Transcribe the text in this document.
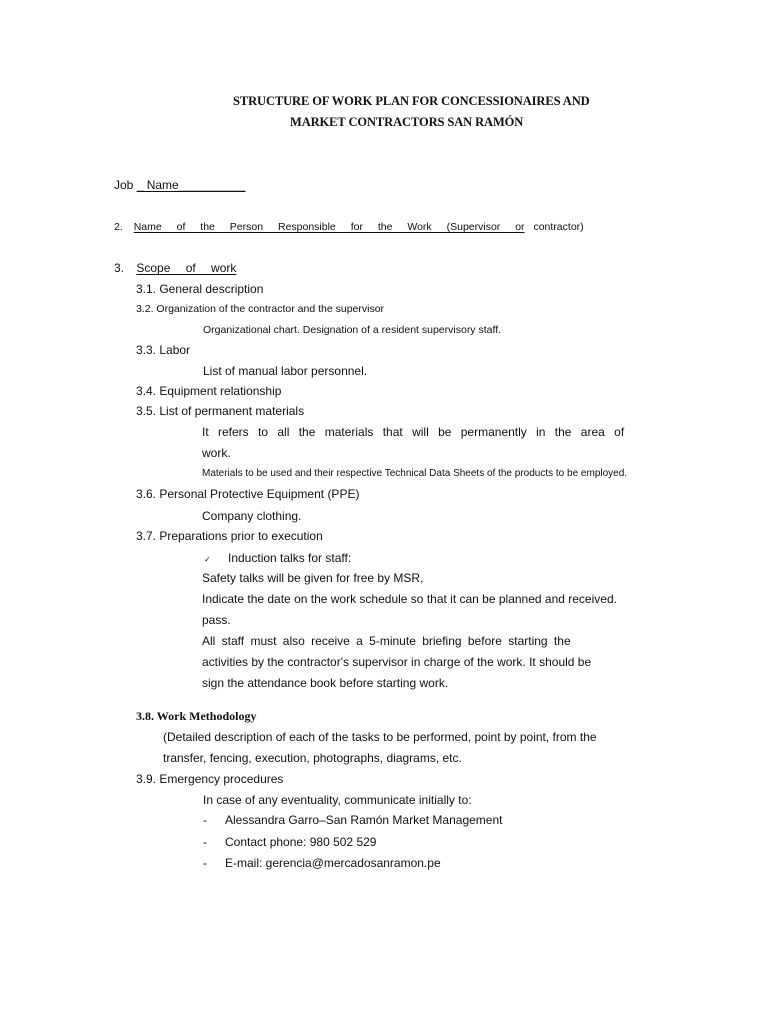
STRUCTURE OF WORK PLAN FOR CONCESSIONAIRES AND
MARKET CONTRACTORS SAN RAMÓN
Job _ Name__________
2. Name of the Person Responsible for the Work (Supervisor or contractor)
3. Scope of work
3.1. General description
3.2. Organization of the contractor and the supervisor
Organizational chart. Designation of a resident supervisory staff.
3.3. Labor
List of manual labor personnel.
3.4. Equipment relationship
3.5. List of permanent materials
It refers to all the materials that will be permanently in the area of
work.
Materials to be used and their respective Technical Data Sheets of the products to be employed.
3.6. Personal Protective Equipment (PPE)
Company clothing.
3.7. Preparations prior to execution
✓ Induction talks for staff:
Safety talks will be given for free by MSR,
Indicate the date on the work schedule so that it can be planned and received.
pass.
All staff must also receive a 5-minute briefing before starting the
activities by the contractor's supervisor in charge of the work. It should be
sign the attendance book before starting work.
3.8. Work Methodology
(Detailed description of each of the tasks to be performed, point by point, from the
transfer, fencing, execution, photographs, diagrams, etc.
3.9. Emergency procedures
In case of any eventuality, communicate initially to:
- Alessandra Garro–San Ramón Market Management
- Contact phone: 980 502 529
- E-mail: gerencia@mercadosanramon.pe
